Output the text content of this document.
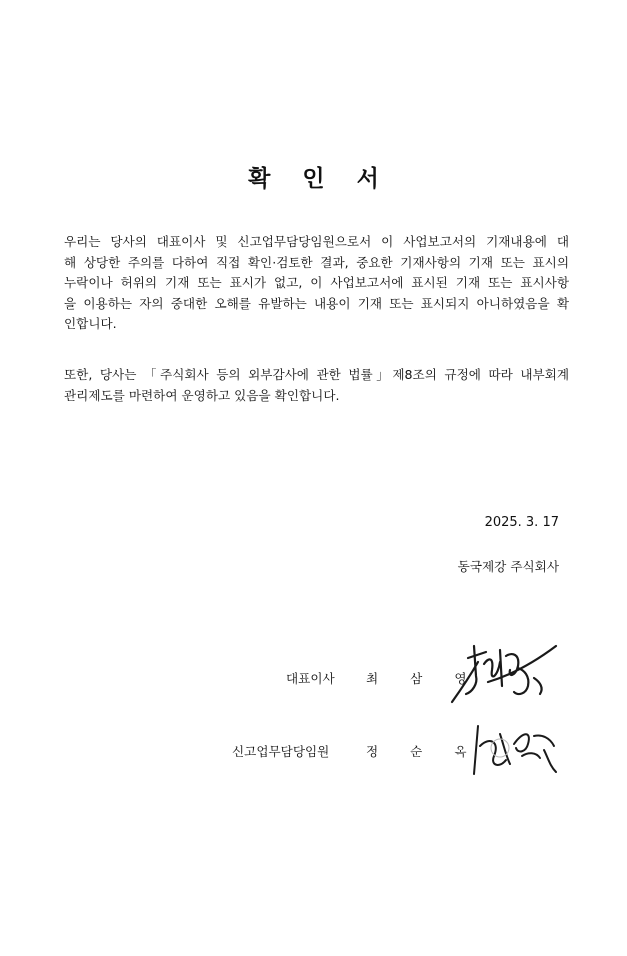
확 인 서
우리는 당사의 대표이사 및 신고업무담당임원으로서 이 사업보고서의 기재내용에 대
해 상당한 주의를 다하여 직접 확인·검토한 결과, 중요한 기재사항의 기재 또는 표시의
누락이나 허위의 기재 또는 표시가 없고, 이 사업보고서에 표시된 기재 또는 표시사항
을 이용하는 자의 중대한 오해를 유발하는 내용이 기재 또는 표시되지 아니하였음을 확
인합니다.
또한, 당사는 「주식회사 등의 외부감사에 관한 법률」제8조의 규정에 따라 내부회계
관리제도를 마련하여 운영하고 있음을 확인합니다.
2025. 3. 17
동국제강 주식회사
대표이사 최 삼 영
신고업무담당임원	정 순 옥
